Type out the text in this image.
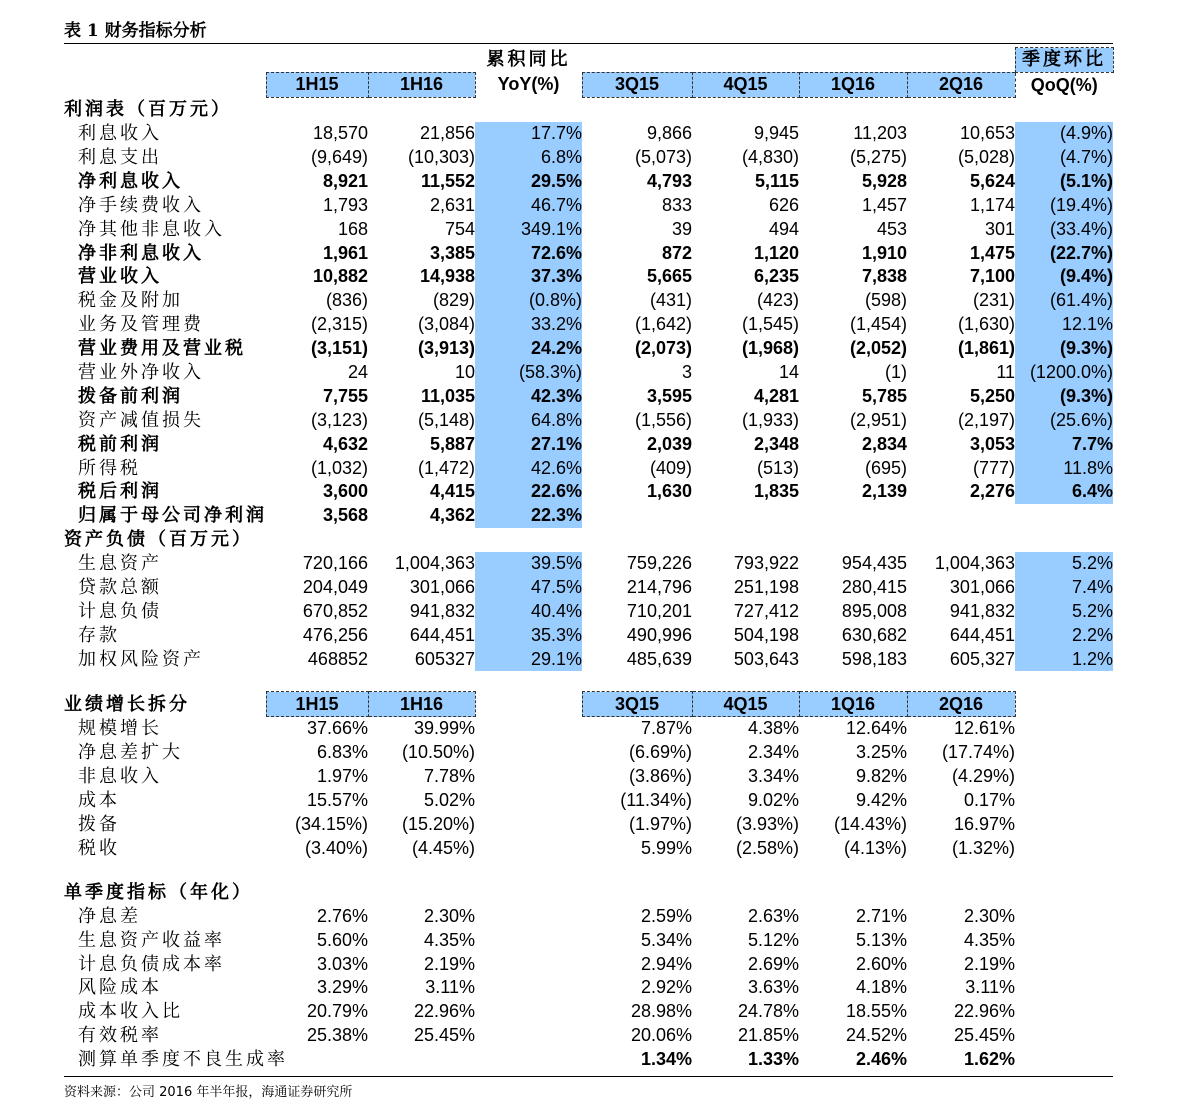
表 1 财务指标分析
			累积同比					季度环比
	1H15	1H16	YoY(%)	3Q15	4Q15	1Q16	2Q16	QoQ(%)
利润表（百万元）								
利息收入	18,570	21,856	17.7%	9,866	9,945	11,203	10,653	(4.9%)
利息支出	(9,649)	(10,303)	6.8%	(5,073)	(4,830)	(5,275)	(5,028)	(4.7%)
净利息收入	8,921	11,552	29.5%	4,793	5,115	5,928	5,624	(5.1%)
净手续费收入	1,793	2,631	46.7%	833	626	1,457	1,174	(19.4%)
净其他非息收入	168	754	349.1%	39	494	453	301	(33.4%)
净非利息收入	1,961	3,385	72.6%	872	1,120	1,910	1,475	(22.7%)
营业收入	10,882	14,938	37.3%	5,665	6,235	7,838	7,100	(9.4%)
税金及附加	(836)	(829)	(0.8%)	(431)	(423)	(598)	(231)	(61.4%)
业务及管理费	(2,315)	(3,084)	33.2%	(1,642)	(1,545)	(1,454)	(1,630)	12.1%
营业费用及营业税	(3,151)	(3,913)	24.2%	(2,073)	(1,968)	(2,052)	(1,861)	(9.3%)
营业外净收入	24	10	(58.3%)	3	14	(1)	11	(1200.0%)
拨备前利润	7,755	11,035	42.3%	3,595	4,281	5,785	5,250	(9.3%)
资产减值损失	(3,123)	(5,148)	64.8%	(1,556)	(1,933)	(2,951)	(2,197)	(25.6%)
税前利润	4,632	5,887	27.1%	2,039	2,348	2,834	3,053	7.7%
所得税	(1,032)	(1,472)	42.6%	(409)	(513)	(695)	(777)	11.8%
税后利润	3,600	4,415	22.6%	1,630	1,835	2,139	2,276	6.4%
归属于母公司净利润	3,568	4,362	22.3%					
资产负债（百万元）								
生息资产	720,166	1,004,363	39.5%	759,226	793,922	954,435	1,004,363	5.2%
贷款总额	204,049	301,066	47.5%	214,796	251,198	280,415	301,066	7.4%
计息负债	670,852	941,832	40.4%	710,201	727,412	895,008	941,832	5.2%
存款	476,256	644,451	35.3%	490,996	504,198	630,682	644,451	2.2%
加权风险资产	468852	605327	29.1%	485,639	503,643	598,183	605,327	1.2%

业绩增长拆分	1H15	1H16		3Q15	4Q15	1Q16	2Q16	
规模增长	37.66%	39.99%		7.87%	4.38%	12.64%	12.61%	
净息差扩大	6.83%	(10.50%)		(6.69%)	2.34%	3.25%	(17.74%)	
非息收入	1.97%	7.78%		(3.86%)	3.34%	9.82%	(4.29%)	
成本	15.57%	5.02%		(11.34%)	9.02%	9.42%	0.17%	
拨备	(34.15%)	(15.20%)		(1.97%)	(3.93%)	(14.43%)	16.97%	
税收	(3.40%)	(4.45%)		5.99%	(2.58%)	(4.13%)	(1.32%)	

单季度指标（年化）								
净息差	2.76%	2.30%		2.59%	2.63%	2.71%	2.30%	
生息资产收益率	5.60%	4.35%		5.34%	5.12%	5.13%	4.35%	
计息负债成本率	3.03%	2.19%		2.94%	2.69%	2.60%	2.19%	
风险成本	3.29%	3.11%		2.92%	3.63%	4.18%	3.11%	
成本收入比	20.79%	22.96%		28.98%	24.78%	18.55%	22.96%	
有效税率	25.38%	25.45%		20.06%	21.85%	24.52%	25.45%	
测算单季度不良生成率				1.34%	1.33%	2.46%	1.62%	
资料来源：公司 2016 年半年报，海通证券研究所
